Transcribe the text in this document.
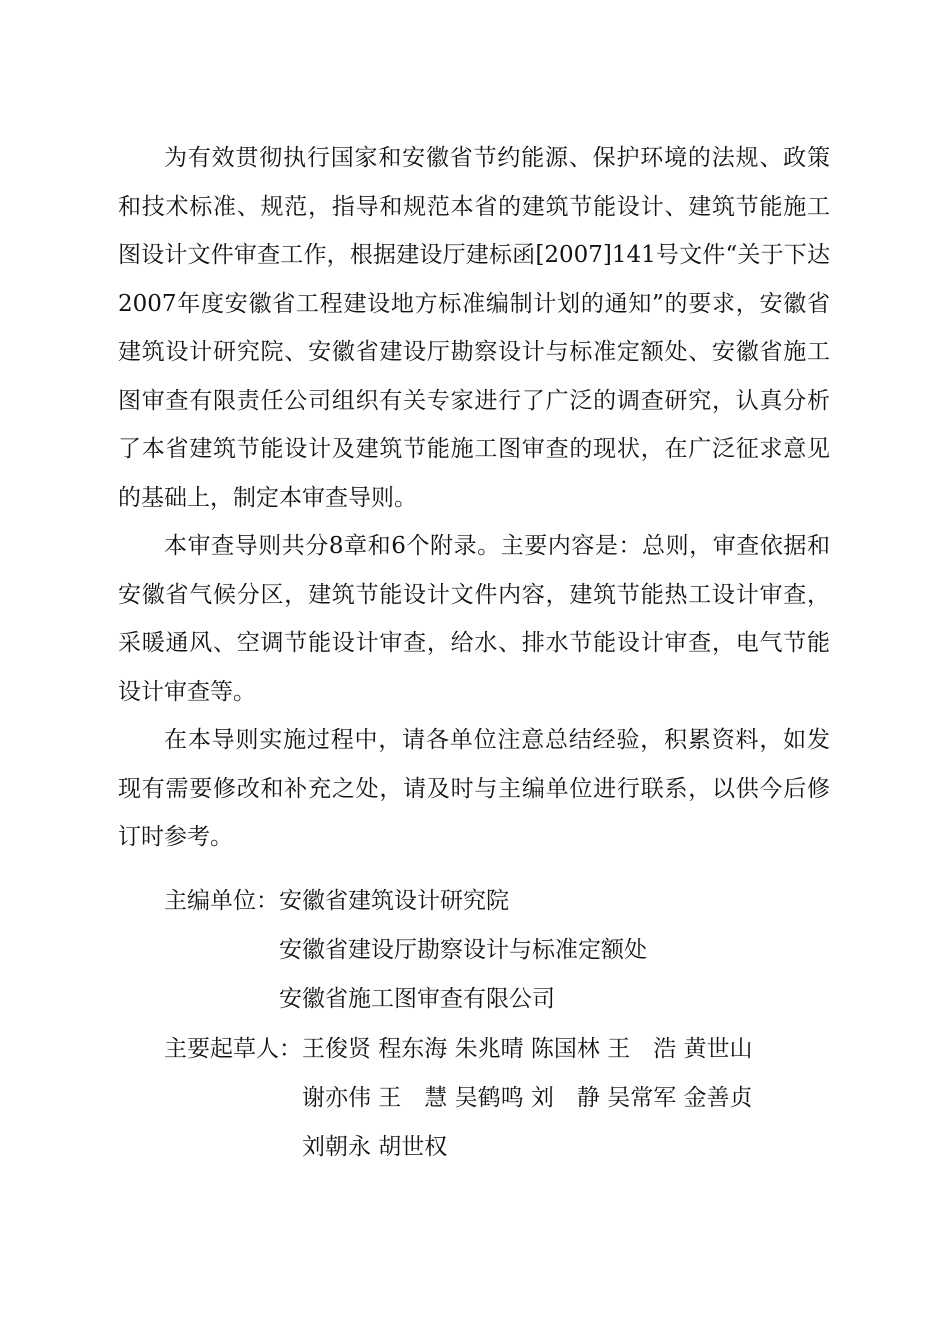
为有效贯彻执行国家和安徽省节约能源、保护环境的法规、政策和技术标准、规范，指导和规范本省的建筑节能设计、建筑节能施工图设计文件审查工作，根据建设厅建标函[2007]141号文件“关于下达2007年度安徽省工程建设地方标准编制计划的通知”的要求，安徽省建筑设计研究院、安徽省建设厅勘察设计与标准定额处、安徽省施工图审查有限责任公司组织有关专家进行了广泛的调查研究，认真分析了本省建筑节能设计及建筑节能施工图审查的现状，在广泛征求意见的基础上，制定本审查导则。

本审查导则共分8章和6个附录。主要内容是：总则，审查依据和安徽省气候分区，建筑节能设计文件内容，建筑节能热工设计审查，采暖通风、空调节能设计审查，给水、排水节能设计审查，电气节能设计审查等。

在本导则实施过程中，请各单位注意总结经验，积累资料，如发现有需要修改和补充之处，请及时与主编单位进行联系，以供今后修订时参考。

主编单位： 安徽省建筑设计研究院
安徽省建设厅勘察设计与标准定额处
安徽省施工图审查有限公司
主要起草人： 王俊贤 程东海 朱兆晴 陈国林 王　浩 黄世山
谢亦伟 王　慧 吴鹤鸣 刘　静 吴常军 金善贞
刘朝永 胡世权
